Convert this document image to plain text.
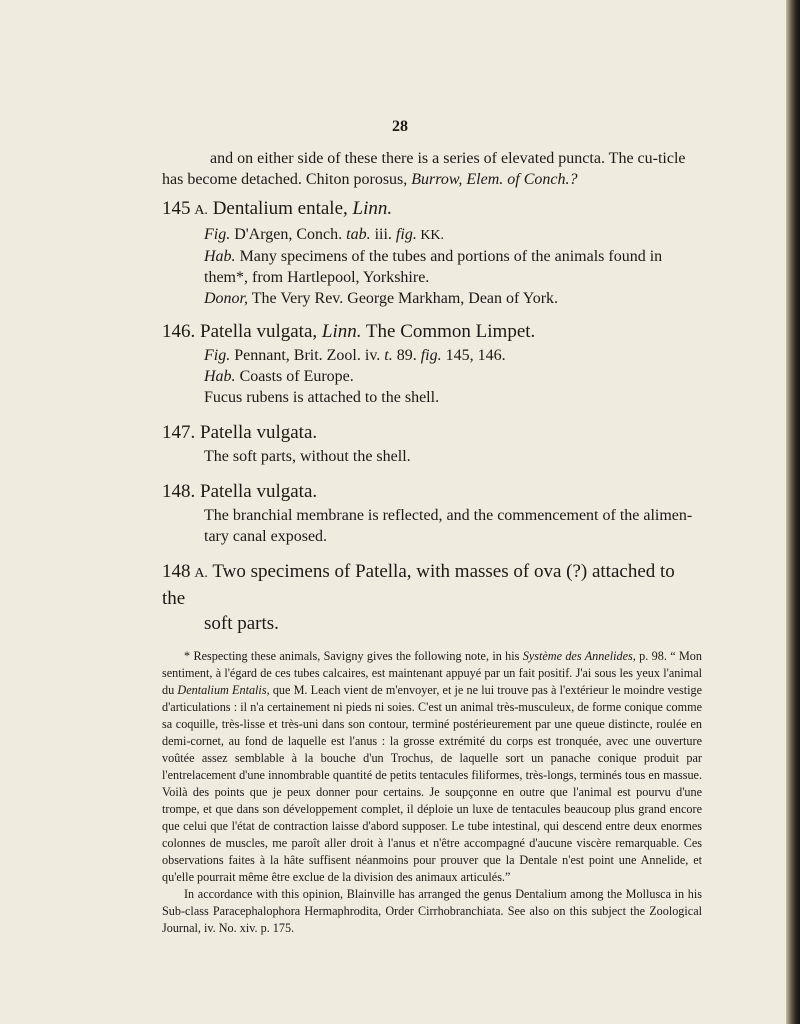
28

and on either side of these there is a series of elevated puncta. The cu-ticle has become detached. Chiton porosus, Burrow, Elem. of Conch.?

145  A. Dentalium entale, Linn.

Fig. D'Argen, Conch. tab. iii. fig. KK.

Hab. Many specimens of the tubes and portions of the animals found in them*, from Hartlepool, Yorkshire.

Donor, The Very Rev. George Markham, Dean of York.

146. Patella vulgata, Linn. The Common Limpet.

Fig. Pennant, Brit. Zool. iv. t. 89. fig. 145, 146.

Hab. Coasts of Europe.

Fucus rubens is attached to the shell.

147. Patella vulgata.

The soft parts, without the shell.

148. Patella vulgata.

The branchial membrane is reflected, and the commencement of the alimen-tary canal exposed.

148  A. Two specimens of Patella, with masses of ova (?) attached to the
soft parts.

* Respecting these animals, Savigny gives the following note, in his Système des Annelides, p. 98. “ Mon sentiment, à l'égard de ces tubes calcaires, est maintenant appuyé par un fait positif. J'ai sous les yeux l'animal du Dentalium Entalis, que M. Leach vient de m'envoyer, et je ne lui trouve pas à l'extérieur le moindre vestige d'articulations : il n'a certainement ni pieds ni soies. C'est un animal très-musculeux, de forme conique comme sa coquille, très-lisse et très-uni dans son contour, terminé postérieurement par une queue distincte, roulée en demi-cornet, au fond de laquelle est l'anus : la grosse extrémité du corps est tronquée, avec une ouverture voûtée assez semblable à la bouche d'un Trochus, de laquelle sort un panache conique produit par l'entrelacement d'une innombrable quantité de petits tentacules filiformes, très-longs, terminés tous en massue. Voilà des points que je peux donner pour certains. Je soupçonne en outre que l'animal est pourvu d'une trompe, et que dans son développement complet, il déploie un luxe de tentacules beaucoup plus grand encore que celui que l'état de contraction laisse d'abord supposer. Le tube intestinal, qui descend entre deux enormes colonnes de muscles, me paroît aller droit à l'anus et n'être accompagné d'aucune viscère remarquable. Ces observations faites à la hâte suffisent néanmoins pour prouver que la Dentale n'est point une Annelide, et qu'elle pourrait même être exclue de la division des animaux articulés.”

In accordance with this opinion, Blainville has arranged the genus Dentalium among the Mollusca in his Sub-class Paracephalophora Hermaphrodita, Order Cirrhobranchiata. See also on this subject the Zoological Journal, iv. No. xiv. p. 175.
